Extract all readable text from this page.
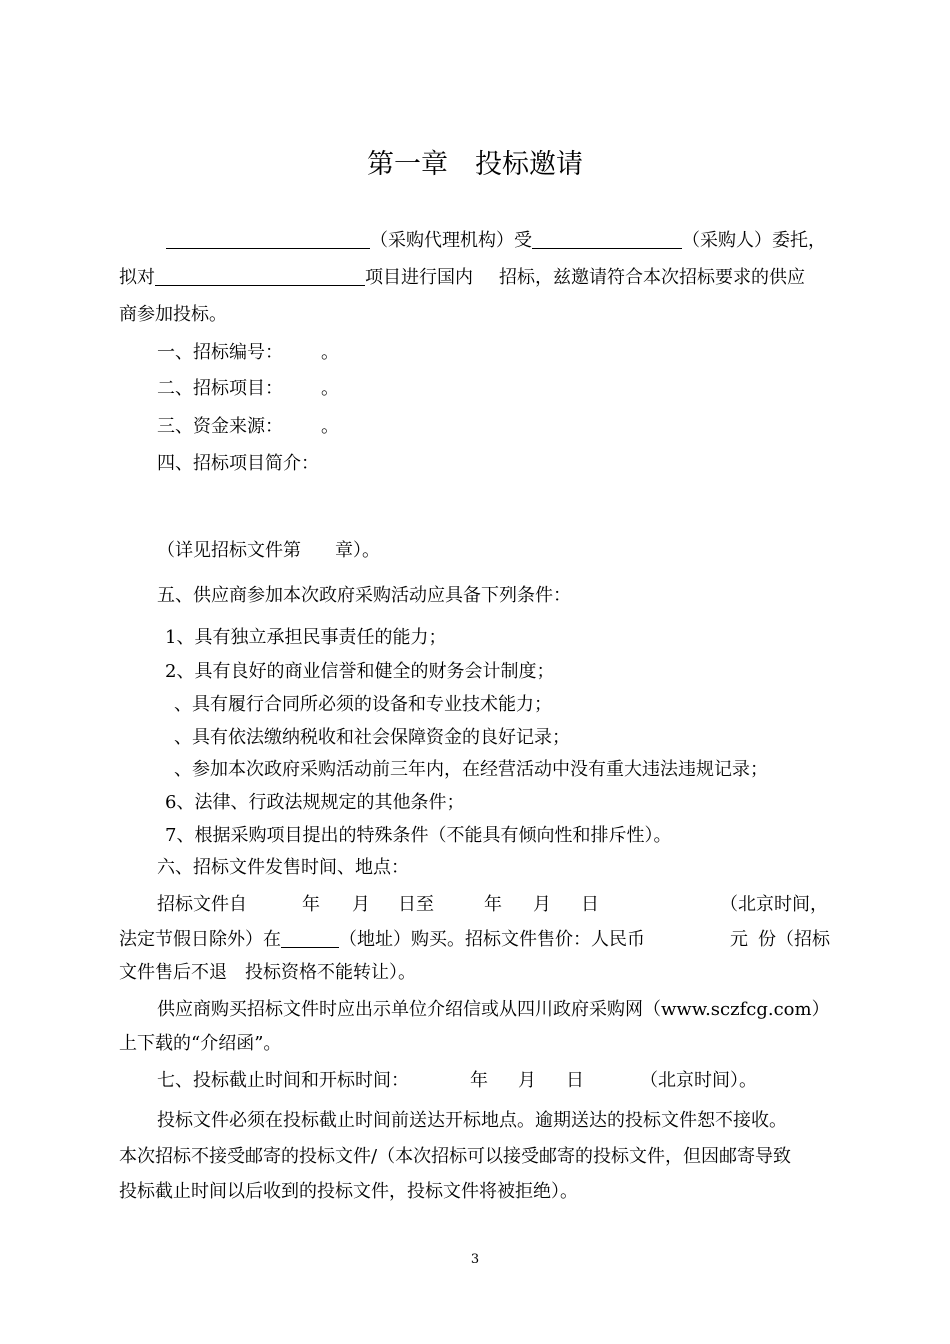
第一章　投标邀请
（采购代理机构）受	（采购人）委托，
拟对	项目进行国内 招标，兹邀请符合本次招标要求的供应
商参加投标。
一、招标编号： 。
二、招标项目： 。
三、资金来源： 。
四、招标项目简介：
（详见招标文件第 章）。
五、供应商参加本次政府采购活动应具备下列条件：
1、具有独立承担民事责任的能力；
2、具有良好的商业信誉和健全的财务会计制度；
、具有履行合同所必须的设备和专业技术能力；
、具有依法缴纳税收和社会保障资金的良好记录；
、参加本次政府采购活动前三年内，在经营活动中没有重大违法违规记录；
6、法律、行政法规规定的其他条件；
7、根据采购项目提出的特殊条件（不能具有倾向性和排斥性）。
六、招标文件发售时间、地点：
招标文件自	年 月 日至	年 月 日	（北京时间，
法定节假日除外）在	（地址）购买。招标文件售价：人民币	元 份（招标
文件售后不退　投标资格不能转让）。
供应商购买招标文件时应出示单位介绍信或从四川政府采购网（www.sczfcg.com）
上下载的“介绍函”。
七、投标截止时间和开标时间：	年 月 日	（北京时间）。
投标文件必须在投标截止时间前送达开标地点。逾期送达的投标文件恕不接收。
本次招标不接受邮寄的投标文件/（本次招标可以接受邮寄的投标文件，但因邮寄导致
投标截止时间以后收到的投标文件，投标文件将被拒绝）。
3
